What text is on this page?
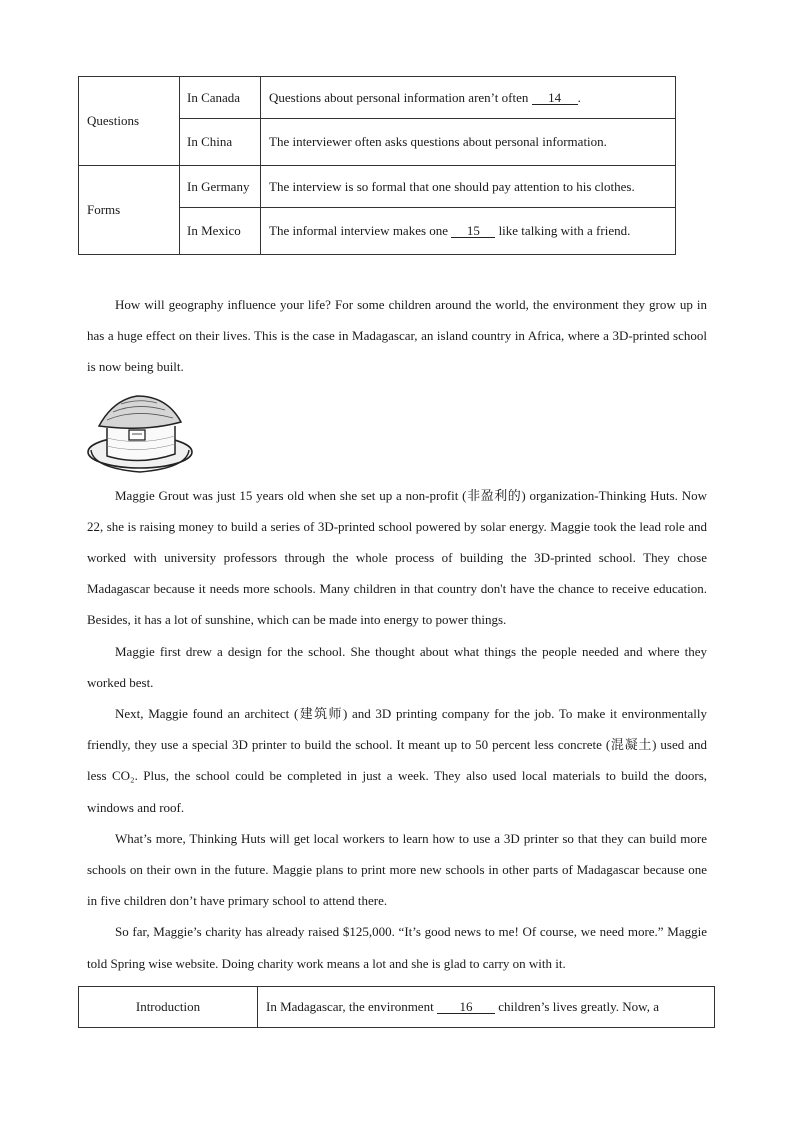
Questions	In Canada	Questions about personal information aren’t often 14 .
	In China	The interviewer often asks questions about personal information.
Forms	In Germany	The interview is so formal that one should pay attention to his clothes.
	In Mexico	The informal interview makes one 15 like talking with a friend.

How will geography influence your life? For some children around the world, the environment they grow up in has a huge effect on their lives. This is the case in Madagascar, an island country in Africa, where a 3D-printed school is now being built.

Maggie Grout was just 15 years old when she set up a non-profit (非盈利的) organization-Thinking Huts. Now 22, she is raising money to build a series of 3D-printed school powered by solar energy. Maggie took the lead role and worked with university professors through the whole process of building the 3D-printed school. They chose Madagascar because it needs more schools. Many children in that country don't have the chance to receive education. Besides, it has a lot of sunshine, which can be made into energy to power things.

Maggie first drew a design for the school. She thought about what things the people needed and where they worked best.

Next, Maggie found an architect (建筑师) and 3D printing company for the job. To make it environmentally friendly, they use a special 3D printer to build the school. It meant up to 50 percent less concrete (混凝土) used and less CO₂. Plus, the school could be completed in just a week. They also used local materials to build the doors, windows and roof.

What’s more, Thinking Huts will get local workers to learn how to use a 3D printer so that they can build more schools on their own in the future. Maggie plans to print more new schools in other parts of Madagascar because one in five children don’t have primary school to attend there.

So far, Maggie’s charity has already raised $125,000. “It’s good news to me! Of course, we need more.” Maggie told Spring wise website. Doing charity work means a lot and she is glad to carry on with it.

Introduction	In Madagascar, the environment 16 children’s lives greatly. Now, a
